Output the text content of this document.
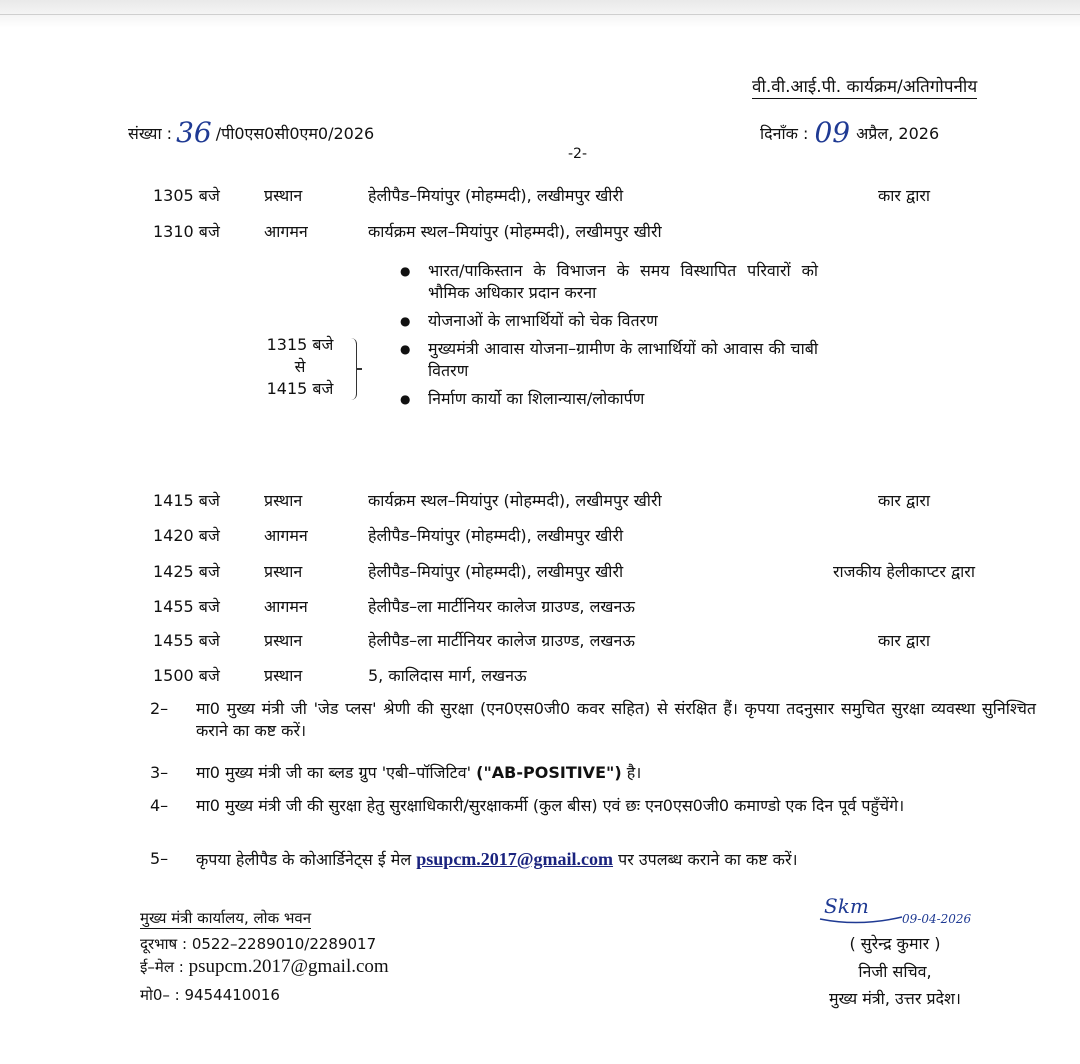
वी.वी.आई.पी. कार्यक्रम/अतिगोपनीय
संख्या : 36 /पी0एस0सी0एम0/2026	दिनाँक : 09 अप्रैल, 2026
-2-
1305 बजे	प्रस्थान	हेलीपैड–मियांपुर (मोहम्मदी), लखीमपुर खीरी	कार द्वारा
1310 बजे	आगमन	कार्यक्रम स्थल–मियांपुर (मोहम्मदी), लखीमपुर खीरी
1315 बजे
से
1415 बजे
● भारत/पाकिस्तान के विभाजन के समय विस्थापित परिवारों को भौमिक अधिकार प्रदान करना
● योजनाओं के लाभार्थियों को चेक वितरण
● मुख्यमंत्री आवास योजना–ग्रामीण के लाभार्थियों को आवास की चाबी वितरण
● निर्माण कार्यो का शिलान्यास/लोकार्पण
1415 बजे	प्रस्थान	कार्यक्रम स्थल–मियांपुर (मोहम्मदी), लखीमपुर खीरी	कार द्वारा
1420 बजे	आगमन	हेलीपैड–मियांपुर (मोहम्मदी), लखीमपुर खीरी
1425 बजे	प्रस्थान	हेलीपैड–मियांपुर (मोहम्मदी), लखीमपुर खीरी	राजकीय हेलीकाप्टर द्वारा
1455 बजे	आगमन	हेलीपैड–ला मार्टीनियर कालेज ग्राउण्ड, लखनऊ
1455 बजे	प्रस्थान	हेलीपैड–ला मार्टीनियर कालेज ग्राउण्ड, लखनऊ	कार द्वारा
1500 बजे	प्रस्थान	5, कालिदास मार्ग, लखनऊ
2– मा0 मुख्य मंत्री जी 'जेड प्लस' श्रेणी की सुरक्षा (एन0एस0जी0 कवर सहित) से संरक्षित हैं। कृपया तदनुसार समुचित सुरक्षा व्यवस्था सुनिश्चित कराने का कष्ट करें।
3– मा0 मुख्य मंत्री जी का ब्लड ग्रुप 'एबी–पॉजिटिव' ("AB-POSITIVE") है।
4– मा0 मुख्य मंत्री जी की सुरक्षा हेतु सुरक्षाधिकारी/सुरक्षाकर्मी (कुल बीस) एवं छः एन0एस0जी0 कमाण्डो एक दिन पूर्व पहुँचेंगे।
5– कृपया हेलीपैड के कोआर्डिनेट्स ई मेल psupcm.2017@gmail.com पर उपलब्ध कराने का कष्ट करें।
मुख्य मंत्री कार्यालय, लोक भवन
दूरभाष : 0522–2289010/2289017
ई–मेल : psupcm.2017@gmail.com
मो0– : 9454410016
Skm
09-04-2026
( सुरेन्द्र कुमार )
निजी सचिव,
मुख्य मंत्री, उत्तर प्रदेश।
